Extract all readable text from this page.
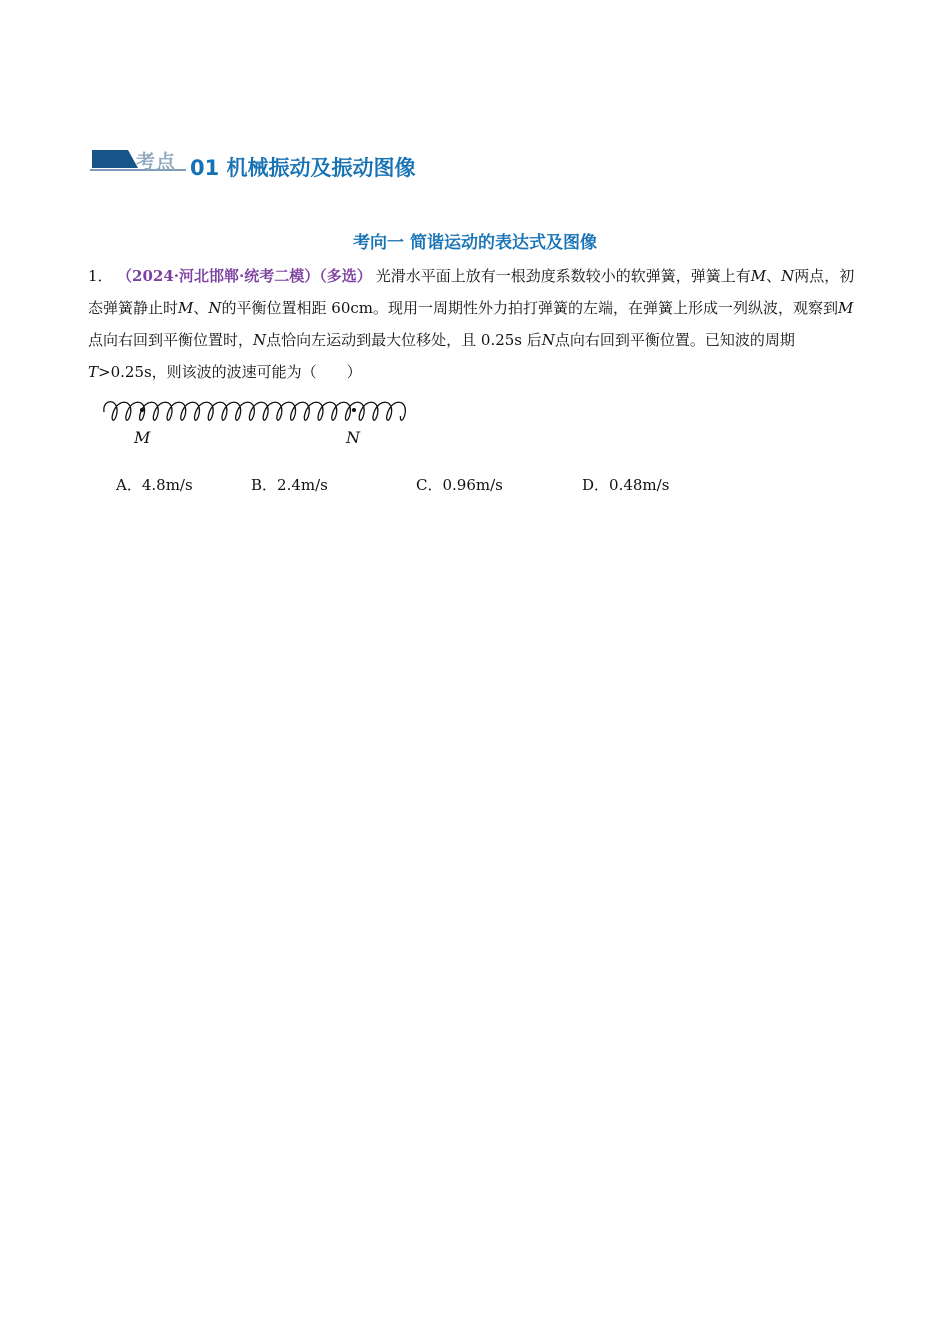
考点 01 机械振动及振动图像
考向一 简谐运动的表达式及图像
1． （2024·河北邯郸·统考二模）（多选） 光滑水平面上放有一根劲度系数较小的软弹簧，弹簧上有M、N两点，初态弹簧静止时M、N的平衡位置相距 60cm。现用一周期性外力拍打弹簧的左端，在弹簧上形成一列纵波，观察到M点向右回到平衡位置时，N点恰向左运动到最大位移处，且 0.25s 后N点向右回到平衡位置。已知波的周期T>0.25s，则该波的波速可能为（　　）
M	N
A．4.8m/s	B．2.4m/s	C．0.96m/s	D．0.48m/s
